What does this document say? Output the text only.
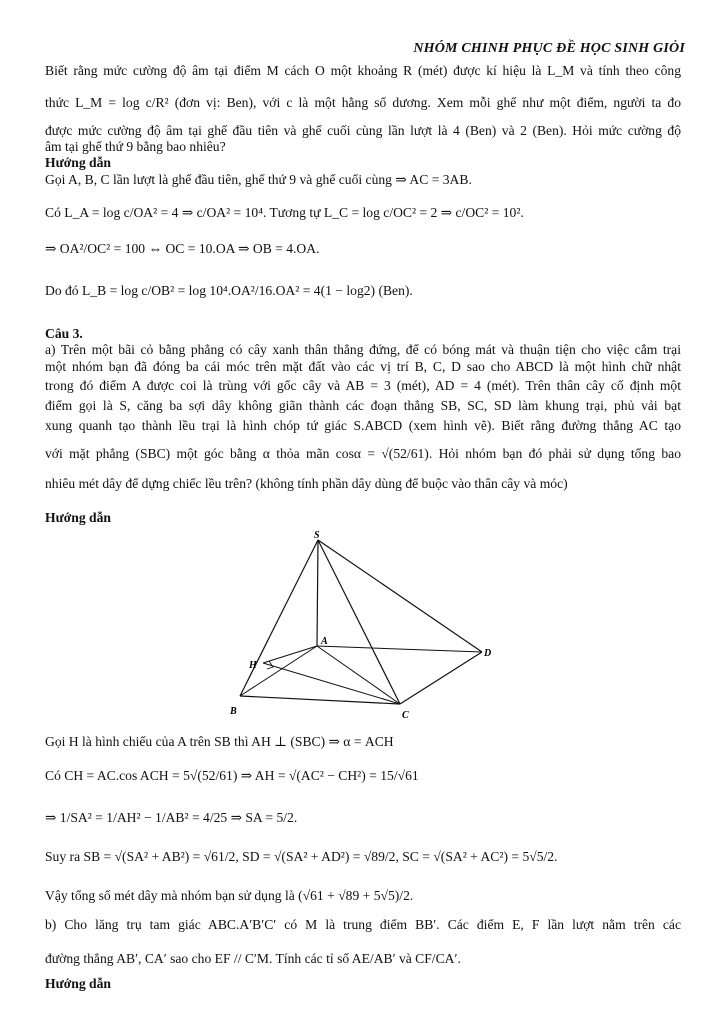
NHÓM CHINH PHỤC ĐỀ HỌC SINH GIỎI
Biết rằng mức cường độ âm tại điểm M cách O một khoảng R (mét) được kí hiệu là L_M và tính theo công
thức L_M = log c/R² (đơn vị: Ben), với c là một hằng số dương. Xem mỗi ghế như một điểm, người ta đo
được mức cường độ âm tại ghế đầu tiên và ghế cuối cùng lần lượt là 4 (Ben) và 2 (Ben). Hỏi mức cường độ
âm tại ghế thứ 9 bằng bao nhiêu?
Hướng dẫn
Gọi A, B, C lần lượt là ghế đầu tiên, ghế thứ 9 và ghế cuối cùng ⇒ AC = 3AB.
Có L_A = log c/OA² = 4 ⇒ c/OA² = 10⁴. Tương tự L_C = log c/OC² = 2 ⇒ c/OC² = 10².
⇒ OA²/OC² = 100 ⇔ OC = 10.OA ⇒ OB = 4.OA.
Do đó L_B = log c/OB² = log 10⁴.OA²/16.OA² = 4(1 − log2) (Ben).
Câu 3.
a) Trên một bãi cỏ bằng phẳng có cây xanh thân thẳng đứng, để có bóng mát và thuận tiện cho việc cắm trại
một nhóm bạn đã đóng ba cái móc trên mặt đất vào các vị trí B, C, D sao cho ABCD là một hình chữ nhật
trong đó điểm A được coi là trùng với gốc cây và AB = 3 (mét), AD = 4 (mét). Trên thân cây cố định một
điểm gọi là S, căng ba sợi dây không giãn thành các đoạn thẳng SB, SC, SD làm khung trại, phủ vải bạt
xung quanh tạo thành lều trại là hình chóp tứ giác S.ABCD (xem hình vẽ). Biết rằng đường thẳng AC tạo
với mặt phẳng (SBC) một góc bằng α thỏa mãn cosα = √(52/61). Hỏi nhóm bạn đó phải sử dụng tổng bao
nhiêu mét dây để dựng chiếc lều trên? (không tính phần dây dùng để buộc vào thân cây và móc)
Hướng dẫn
S
A
B	C
D
H
Gọi H là hình chiếu của A trên SB thì AH ⊥ (SBC) ⇒ α = ACH
Có CH = AC.cos ACH = 5√(52/61) ⇒ AH = √(AC² − CH²) = 15/√61
⇒ 1/SA² = 1/AH² − 1/AB² = 4/25 ⇒ SA = 5/2.
Suy ra SB = √(SA² + AB²) = √61/2, SD = √(SA² + AD²) = √89/2, SC = √(SA² + AC²) = 5√5/2.
Vậy tổng số mét dây mà nhóm bạn sử dụng là (√61 + √89 + 5√5)/2.
b) Cho lăng trụ tam giác ABC.A′B′C′ có M là trung điểm BB′. Các điểm E, F lần lượt nằm trên các
đường thẳng AB′, CA′ sao cho EF // C′M. Tính các tỉ số AE/AB′ và CF/CA′.
Hướng dẫn
